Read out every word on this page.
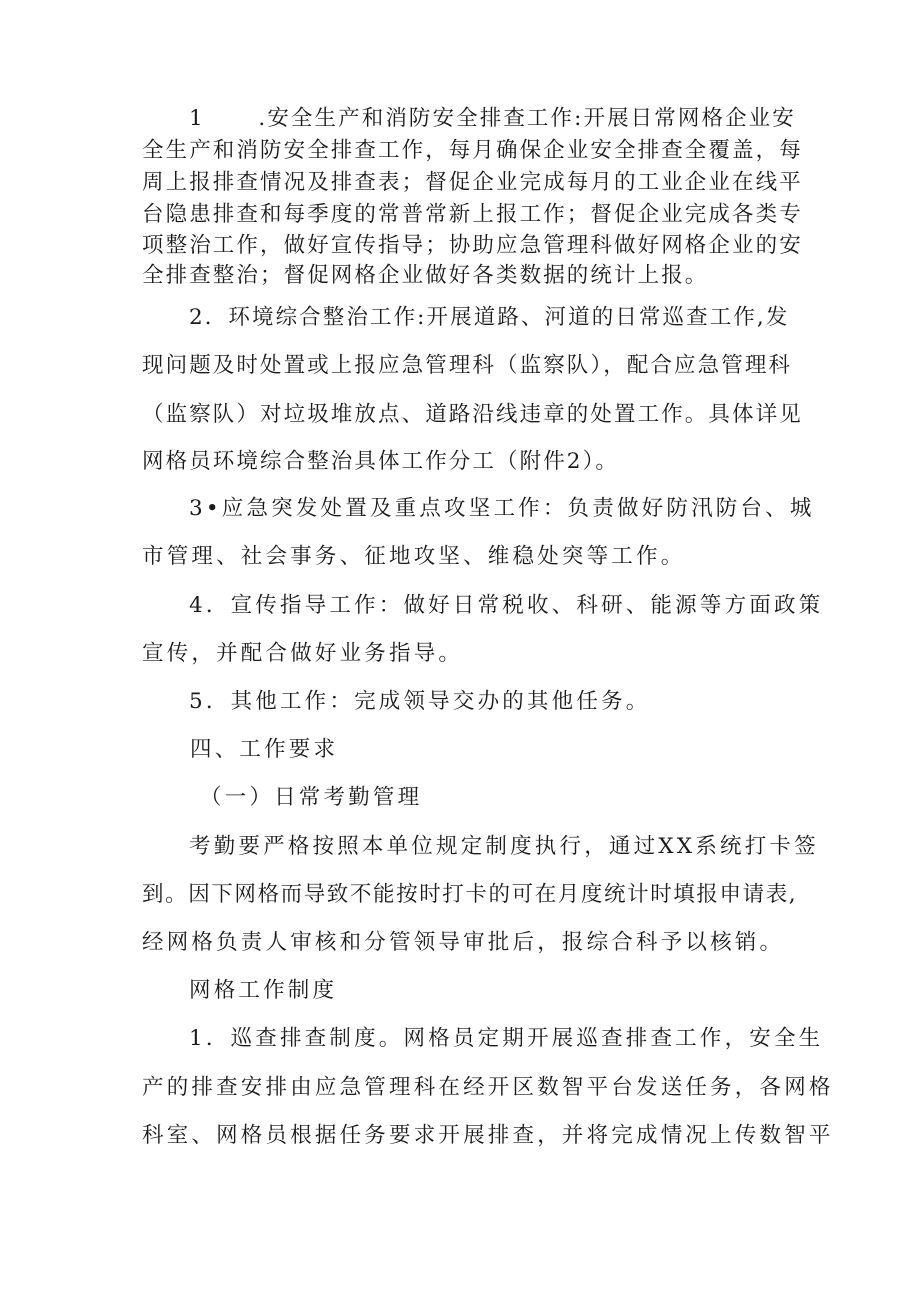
1      .安全生产和消防安全排查工作:开展日常网格企业安
全生产和消防安全排查工作，每月确保企业安全排查全覆盖，每
周上报排查情况及排查表；督促企业完成每月的工业企业在线平
台隐患排查和每季度的常普常新上报工作；督促企业完成各类专
项整治工作，做好宣传指导；协助应急管理科做好网格企业的安
全排查整治；督促网格企业做好各类数据的统计上报。
2．环境综合整治工作:开展道路、河道的日常巡查工作,发
现问题及时处置或上报应急管理科（监察队），配合应急管理科
（监察队）对垃圾堆放点、道路沿线违章的处置工作。具体详见
网格员环境综合整治具体工作分工（附件2）。
3•应急突发处置及重点攻坚工作：负责做好防汛防台、城
市管理、社会事务、征地攻坚、维稳处突等工作。
4．宣传指导工作：做好日常税收、科研、能源等方面政策
宣传，并配合做好业务指导。
5．其他工作：完成领导交办的其他任务。
四、工作要求
（一）日常考勤管理
考勤要严格按照本单位规定制度执行，通过XX系统打卡签
到。因下网格而导致不能按时打卡的可在月度统计时填报申请表,
经网格负责人审核和分管领导审批后，报综合科予以核销。
网格工作制度
1．巡查排查制度。网格员定期开展巡查排查工作，安全生
产的排查安排由应急管理科在经开区数智平台发送任务，各网格
科室、网格员根据任务要求开展排查，并将完成情况上传数智平
